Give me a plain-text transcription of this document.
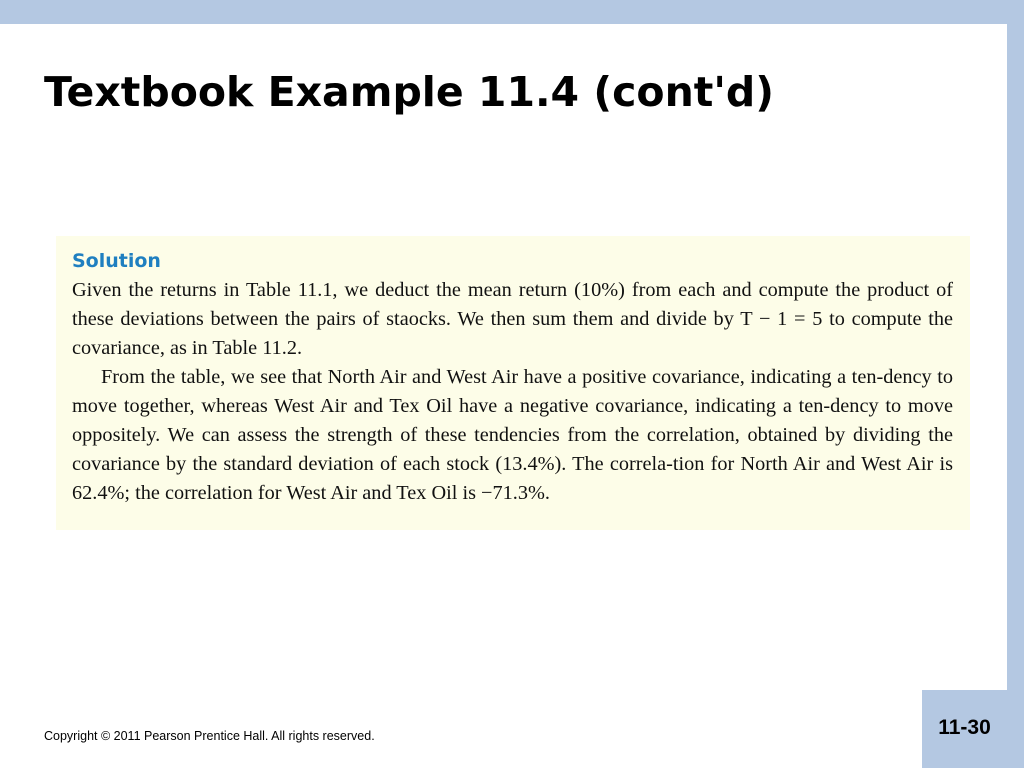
Textbook Example 11.4 (cont'd)
Solution

Given the returns in Table 11.1, we deduct the mean return (10%) from each and compute the product of these deviations between the pairs of staocks. We then sum them and divide by T − 1 = 5 to compute the covariance, as in Table 11.2.

From the table, we see that North Air and West Air have a positive covariance, indicating a ten-dency to move together, whereas West Air and Tex Oil have a negative covariance, indicating a ten-dency to move oppositely. We can assess the strength of these tendencies from the correlation, obtained by dividing the covariance by the standard deviation of each stock (13.4%). The correla-tion for North Air and West Air is 62.4%; the correlation for West Air and Tex Oil is −71.3%.

Copyright © 2011 Pearson Prentice Hall. All rights reserved.	11-30
